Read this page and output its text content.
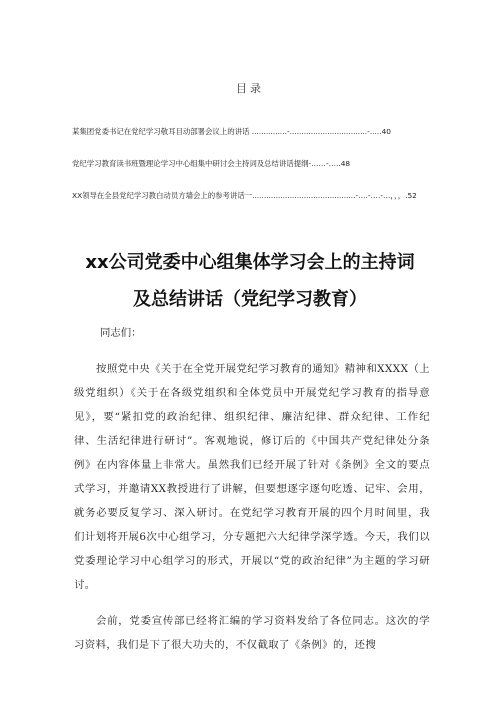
目录
某集团党委书记在党纪学习敬耳目动部署会议上的讲话 ...............-.................................-.....40
党纪学习教育读书班暨理论学习中心组集中研讨会主持词及总结讲话提纲-……-…..48
XX领导在全县党纪学习教白动员方墙会上的参考讲话一............................................-….-….-…，，，.52
xx公司党委中心组集体学习会上的主持词
及总结讲话（党纪学习教育）
同志们：

按照党中央《关于在全党开展党纪学习教育的通知》精神和XXXX（上级党组织）《关于在各级党组织和全体党员中开展党纪学习教育的指导意见》，要“紧扣党的政治纪律、组织纪律、廉洁纪律、群众纪律、工作纪律、生活纪律进行研讨”。客观地说，修订后的《中国共产党纪律处分条例》在内容体量上非常大。虽然我们已经开展了针对《条例》全文的要点式学习，并邀请XX教授进行了讲解，但要想逐字逐句吃透、记牢、会用，就务必要反复学习、深入研讨。在党纪学习教育开展的四个月时间里，我们计划将开展6次中心组学习，分专题把六大纪律学深学透。今天，我们以党委理论学习中心组学习的形式，开展以“党的政治纪律”为主题的学习研讨。

会前，党委宣传部已经将汇编的学习资料发给了各位同志。这次的学习资料，我们是下了很大功夫的，不仅截取了《条例》的，还搜
